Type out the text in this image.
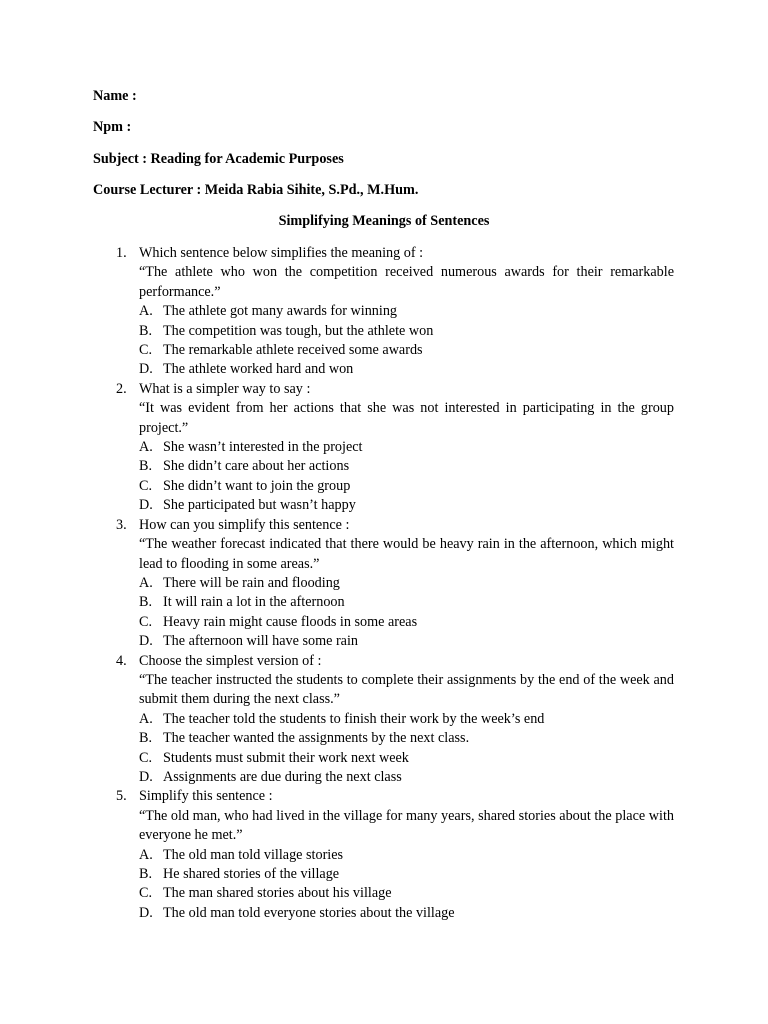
Name :
Npm :
Subject : Reading for Academic Purposes
Course Lecturer : Meida Rabia Sihite, S.Pd., M.Hum.
Simplifying Meanings of Sentences
1. Which sentence below simplifies the meaning of :
“The athlete who won the competition received numerous awards for their remarkable performance.”
A. The athlete got many awards for winning
B. The competition was tough, but the athlete won
C. The remarkable athlete received some awards
D. The athlete worked hard and won
2. What is a simpler way to say :
“It was evident from her actions that she was not interested in participating in the group project.”
A. She wasn’t interested in the project
B. She didn’t care about her actions
C. She didn’t want to join the group
D. She participated but wasn’t happy
3. How can you simplify this sentence :
“The weather forecast indicated that there would be heavy rain in the afternoon, which might lead to flooding in some areas.”
A. There will be rain and flooding
B. It will rain a lot in the afternoon
C. Heavy rain might cause floods in some areas
D. The afternoon will have some rain
4. Choose the simplest version of :
“The teacher instructed the students to complete their assignments by the end of the week and submit them during the next class.”
A. The teacher told the students to finish their work by the week’s end
B. The teacher wanted the assignments by the next class.
C. Students must submit their work next week
D. Assignments are due during the next class
5. Simplify this sentence :
“The old man, who had lived in the village for many years, shared stories about the place with everyone he met.”
A. The old man told village stories
B. He shared stories of the village
C. The man shared stories about his village
D. The old man told everyone stories about the village
